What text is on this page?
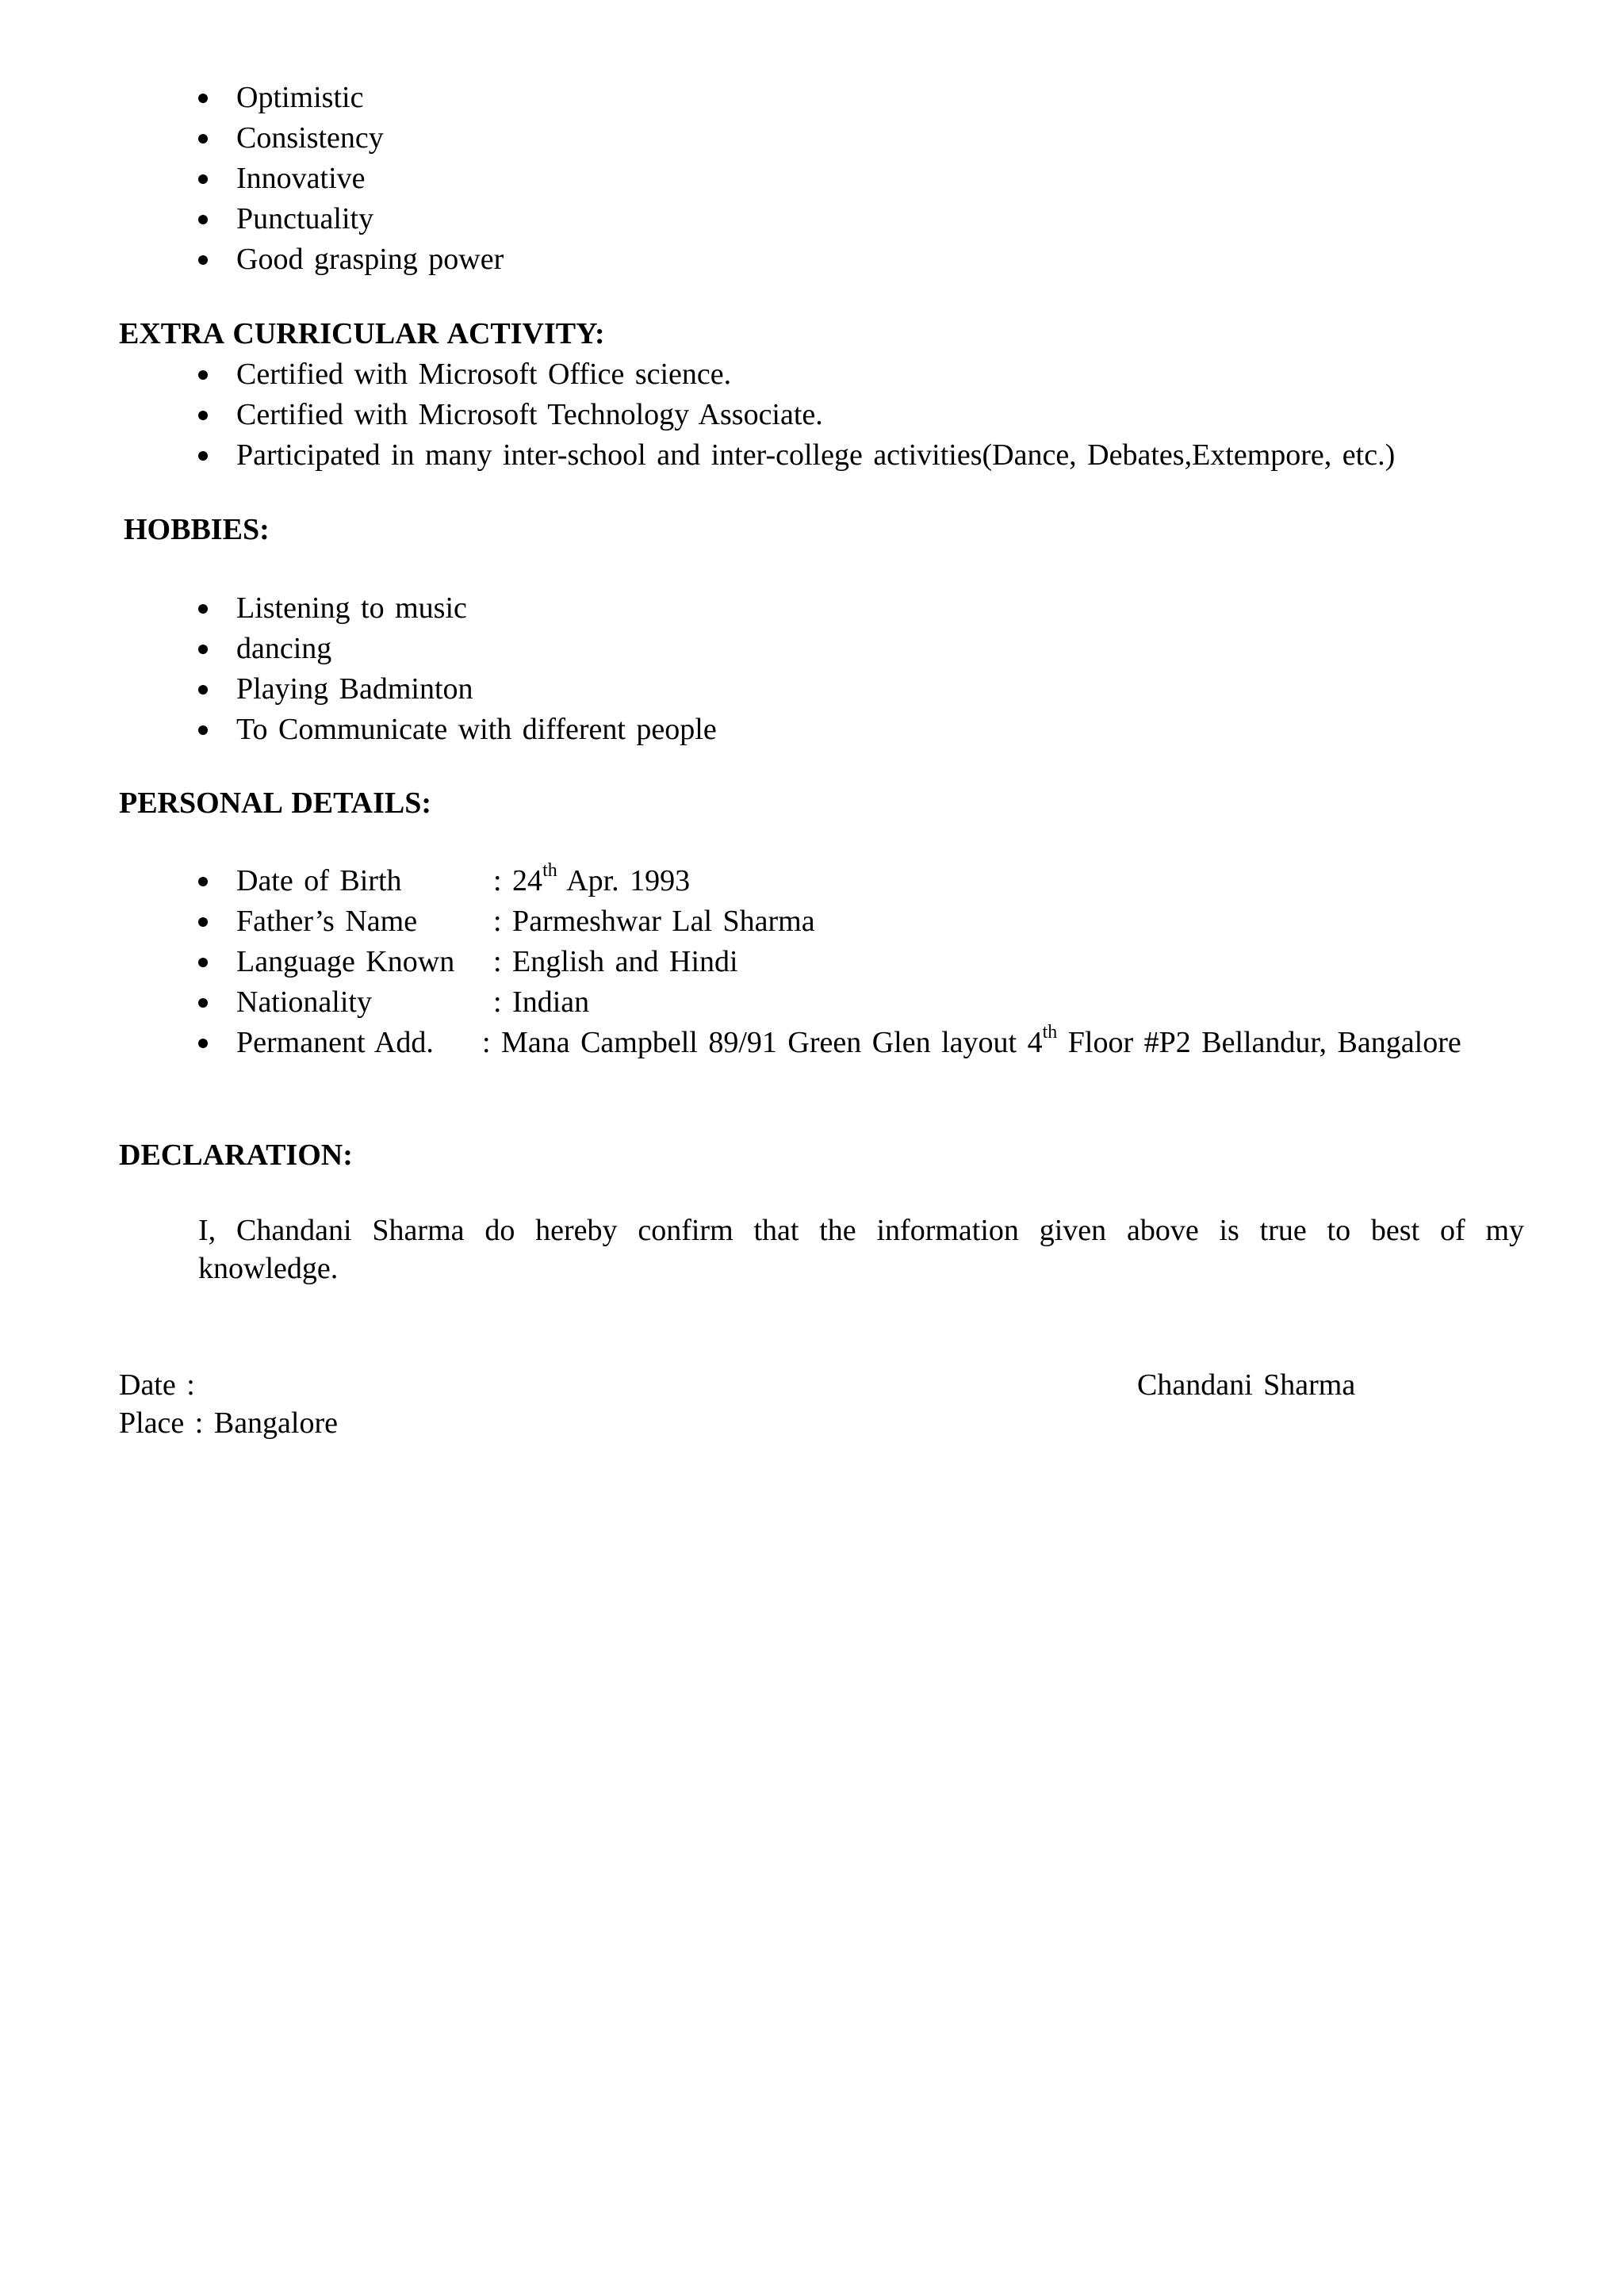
Optimistic
Consistency
Innovative
Punctuality
Good grasping power
EXTRA CURRICULAR ACTIVITY:
Certified with Microsoft Office science.
Certified with Microsoft Technology Associate.
Participated in many inter-school and inter-college activities(Dance, Debates,Extempore, etc.)
HOBBIES:
Listening to music
dancing
Playing Badminton
To Communicate with different people
PERSONAL DETAILS:
Date of Birth	: 24th Apr. 1993
Father’s Name	: Parmeshwar Lal Sharma
Language Known : English and Hindi
Nationality	: Indian
Permanent Add. : Mana Campbell 89/91 Green Glen layout 4th Floor #P2 Bellandur, Bangalore
DECLARATION:
I, Chandani Sharma do hereby confirm that the information given above is true to best of my knowledge.
Date :
Place : Bangalore
Chandani Sharma
